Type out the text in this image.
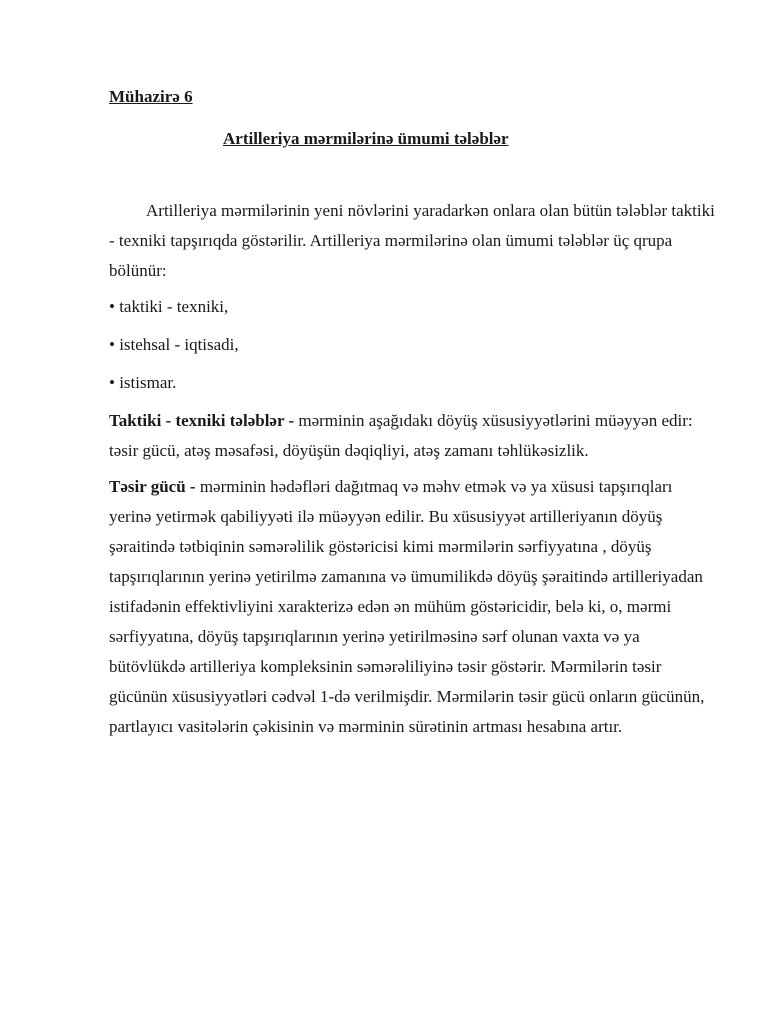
Mühazirə 6

Artilleriya mərmilərinə ümumi tələblər

Artilleriya mərmilərinin yeni növlərini yaradarkən onlara olan bütün tələblər taktiki - texniki tapşırıqda göstərilir. Artilleriya mərmilərinə olan ümumi tələblər üç qrupa bölünür:

• taktiki - texniki,
• istehsal - iqtisadi,
• istismar.

Taktiki - texniki tələblər - mərminin aşağıdakı döyüş xüsusiyyətlərini müəyyən edir: təsir gücü, atəş məsafəsi, döyüşün dəqiqliyi, atəş zamanı təhlükəsizlik.

Təsir gücü - mərminin hədəfləri dağıtmaq və məhv etmək və ya xüsusi tapşırıqları yerinə yetirmək qabiliyyəti ilə müəyyən edilir. Bu xüsusiyyət artilleriyanın döyüş şəraitində tətbiqinin səmərəlilik göstəricisi kimi mərmilərin sərfiyyatına , döyüş tapşırıqlarının yerinə yetirilmə zamanına və ümumilikdə döyüş şəraitində artilleriyadan istifadənin effektivliyini xarakterizə edən ən mühüm göstəricidir, belə ki, o, mərmi sərfiyyatına, döyüş tapşırıqlarının yerinə yetirilməsinə sərf olunan vaxta və ya bütövlükdə artilleriya kompleksinin səmərəliliyinə təsir göstərir. Mərmilərin təsir gücünün xüsusiyyətləri cədvəl 1-də verilmişdir. Mərmilərin təsir gücü onların gücünün, partlayıcı vasitələrin çəkisinin və mərminin sürətinin artması hesabına artır.
